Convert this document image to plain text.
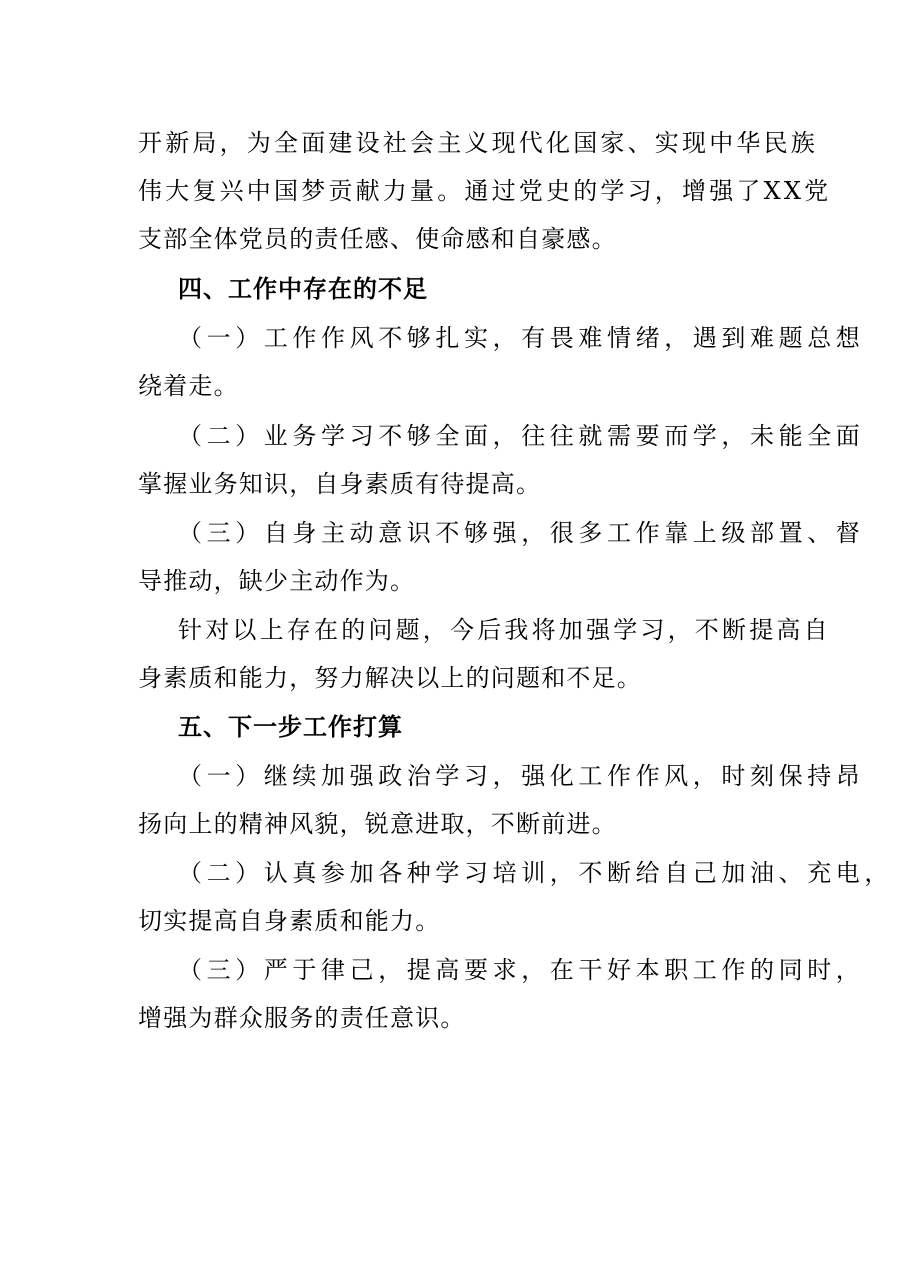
开新局，为全面建设社会主义现代化国家、实现中华民族
伟大复兴中国梦贡献力量。通过党史的学习，增强了XX党
支部全体党员的责任感、使命感和自豪感。
四、工作中存在的不足
（一）工作作风不够扎实，有畏难情绪，遇到难题总想
绕着走。
（二）业务学习不够全面，往往就需要而学，未能全面
掌握业务知识，自身素质有待提高。
（三）自身主动意识不够强，很多工作靠上级部置、督
导推动，缺少主动作为。
针对以上存在的问题，今后我将加强学习，不断提高自
身素质和能力，努力解决以上的问题和不足。
五、下一步工作打算
（一）继续加强政治学习，强化工作作风，时刻保持昂
扬向上的精神风貌，锐意进取，不断前进。
（二）认真参加各种学习培训，不断给自己加油、充电，
切实提高自身素质和能力。
（三）严于律己，提高要求，在干好本职工作的同时，
增强为群众服务的责任意识。
